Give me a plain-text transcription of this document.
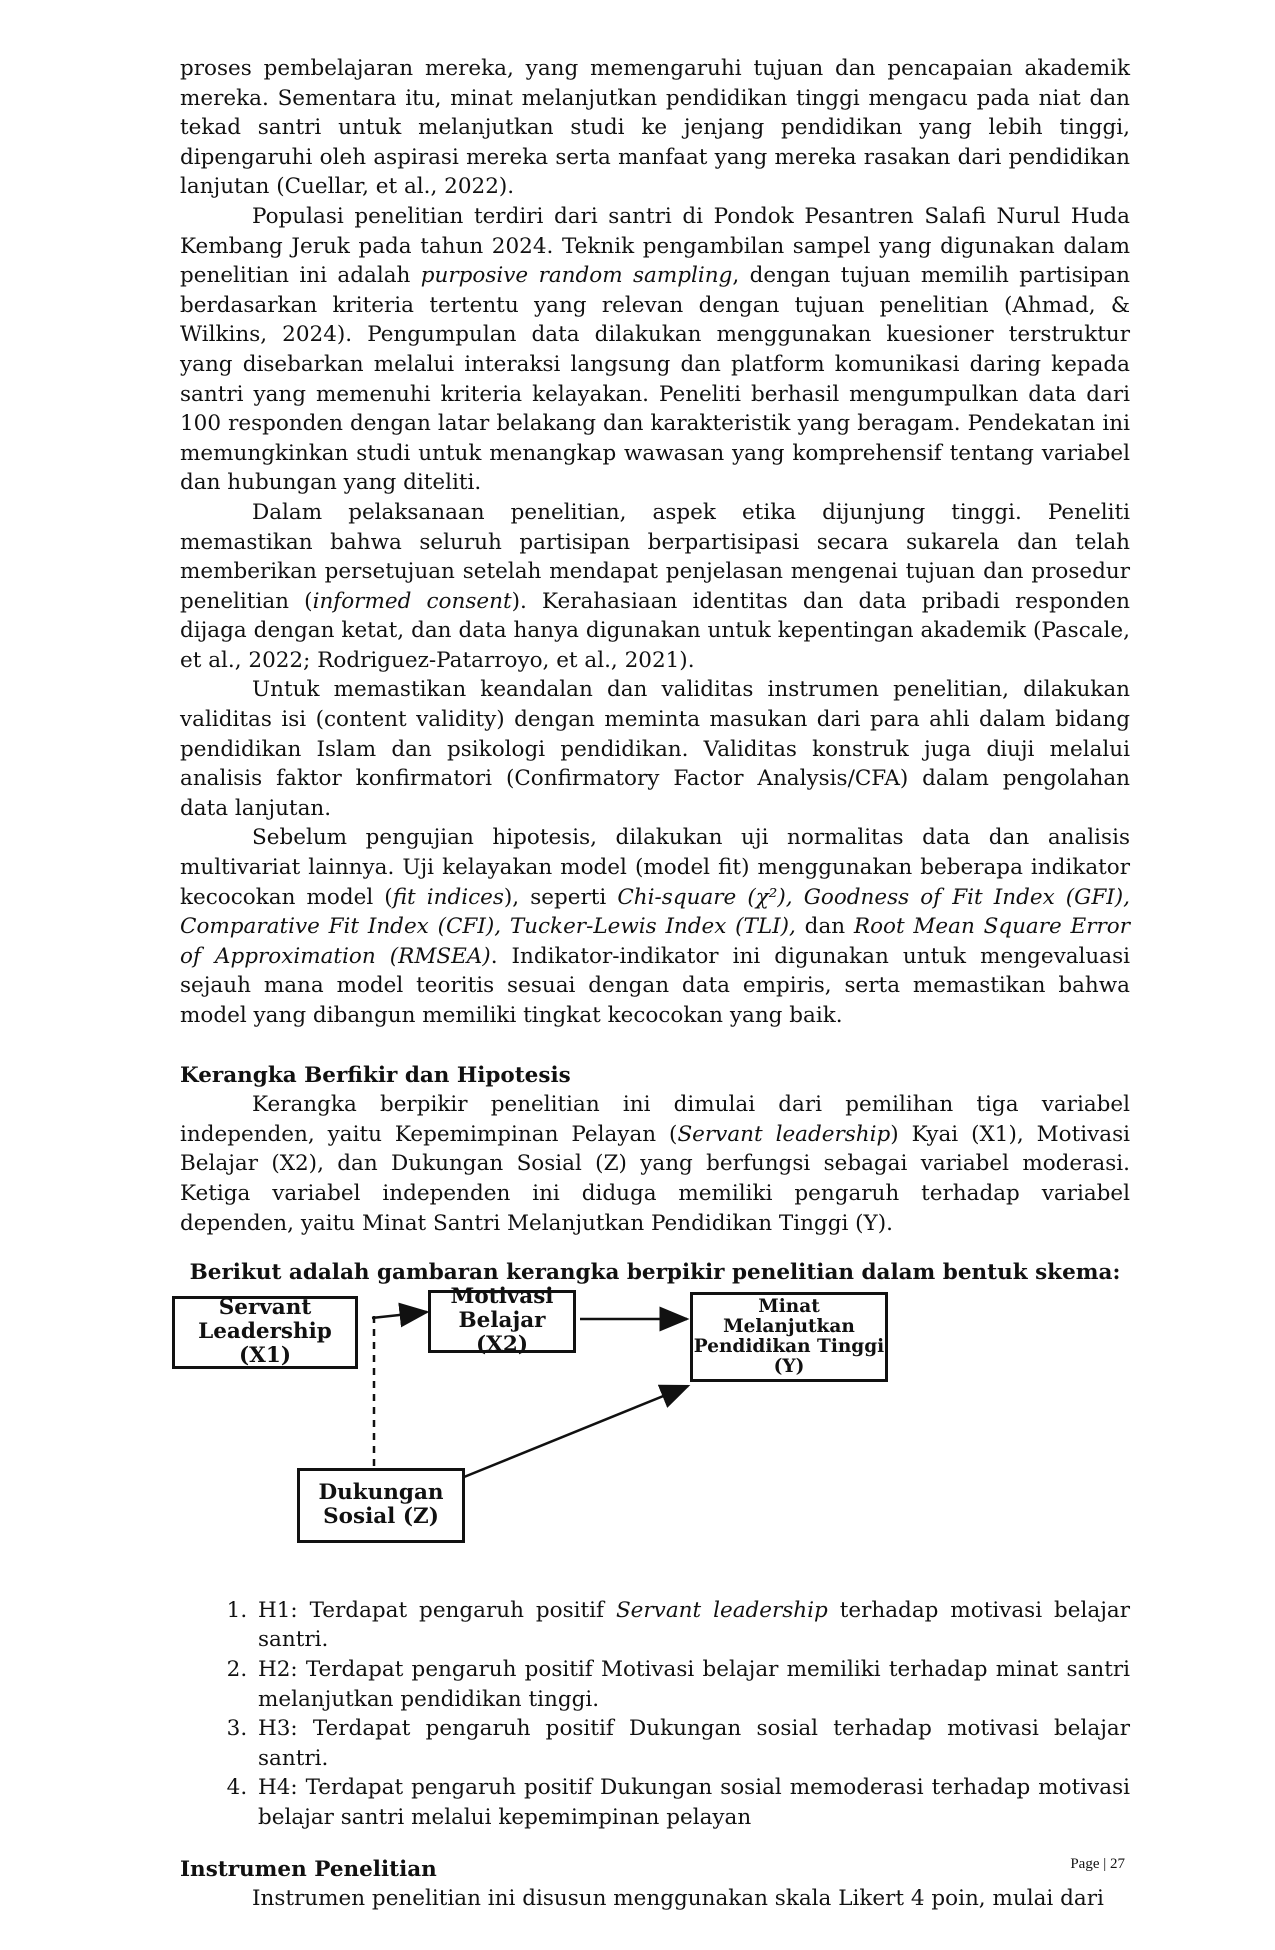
proses pembelajaran mereka, yang memengaruhi tujuan dan pencapaian akademik mereka. Sementara itu, minat melanjutkan pendidikan tinggi mengacu pada niat dan tekad santri untuk melanjutkan studi ke jenjang pendidikan yang lebih tinggi, dipengaruhi oleh aspirasi mereka serta manfaat yang mereka rasakan dari pendidikan lanjutan (Cuellar, et al., 2022).

Populasi penelitian terdiri dari santri di Pondok Pesantren Salafi Nurul Huda Kembang Jeruk pada tahun 2024. Teknik pengambilan sampel yang digunakan dalam penelitian ini adalah purposive random sampling, dengan tujuan memilih partisipan berdasarkan kriteria tertentu yang relevan dengan tujuan penelitian (Ahmad, & Wilkins, 2024). Pengumpulan data dilakukan menggunakan kuesioner terstruktur yang disebarkan melalui interaksi langsung dan platform komunikasi daring kepada santri yang memenuhi kriteria kelayakan. Peneliti berhasil mengumpulkan data dari 100 responden dengan latar belakang dan karakteristik yang beragam. Pendekatan ini memungkinkan studi untuk menangkap wawasan yang komprehensif tentang variabel dan hubungan yang diteliti.

Dalam pelaksanaan penelitian, aspek etika dijunjung tinggi. Peneliti memastikan bahwa seluruh partisipan berpartisipasi secara sukarela dan telah memberikan persetujuan setelah mendapat penjelasan mengenai tujuan dan prosedur penelitian (informed consent). Kerahasiaan identitas dan data pribadi responden dijaga dengan ketat, dan data hanya digunakan untuk kepentingan akademik (Pascale, et al., 2022; Rodriguez-Patarroyo, et al., 2021).

Untuk memastikan keandalan dan validitas instrumen penelitian, dilakukan validitas isi (content validity) dengan meminta masukan dari para ahli dalam bidang pendidikan Islam dan psikologi pendidikan. Validitas konstruk juga diuji melalui analisis faktor konfirmatori (Confirmatory Factor Analysis/CFA) dalam pengolahan data lanjutan.

Sebelum pengujian hipotesis, dilakukan uji normalitas data dan analisis multivariat lainnya. Uji kelayakan model (model fit) menggunakan beberapa indikator kecocokan model (fit indices), seperti Chi-square (χ²), Goodness of Fit Index (GFI), Comparative Fit Index (CFI), Tucker-Lewis Index (TLI), dan Root Mean Square Error of Approximation (RMSEA). Indikator-indikator ini digunakan untuk mengevaluasi sejauh mana model teoritis sesuai dengan data empiris, serta memastikan bahwa model yang dibangun memiliki tingkat kecocokan yang baik.

Kerangka Berfikir dan Hipotesis

Kerangka berpikir penelitian ini dimulai dari pemilihan tiga variabel independen, yaitu Kepemimpinan Pelayan (Servant leadership) Kyai (X1), Motivasi Belajar (X2), dan Dukungan Sosial (Z) yang berfungsi sebagai variabel moderasi. Ketiga variabel independen ini diduga memiliki pengaruh terhadap variabel dependen, yaitu Minat Santri Melanjutkan Pendidikan Tinggi (Y).

Berikut adalah gambaran kerangka berpikir penelitian dalam bentuk skema:

Servant
Leadership (X1)
Motivasi
Belajar (X2)
Minat Melanjutkan
Pendidikan Tinggi
(Y)
Dukungan
Sosial (Z)
1. H1: Terdapat pengaruh positif Servant leadership terhadap motivasi belajar santri.
2. H2: Terdapat pengaruh positif Motivasi belajar memiliki terhadap minat santri melanjutkan pendidikan tinggi.
3. H3: Terdapat pengaruh positif Dukungan sosial terhadap motivasi belajar santri.
4. H4: Terdapat pengaruh positif Dukungan sosial memoderasi terhadap motivasi belajar santri melalui kepemimpinan pelayan

Instrumen Penelitian

Instrumen penelitian ini disusun menggunakan skala Likert 4 poin, mulai dari

Page | 27
